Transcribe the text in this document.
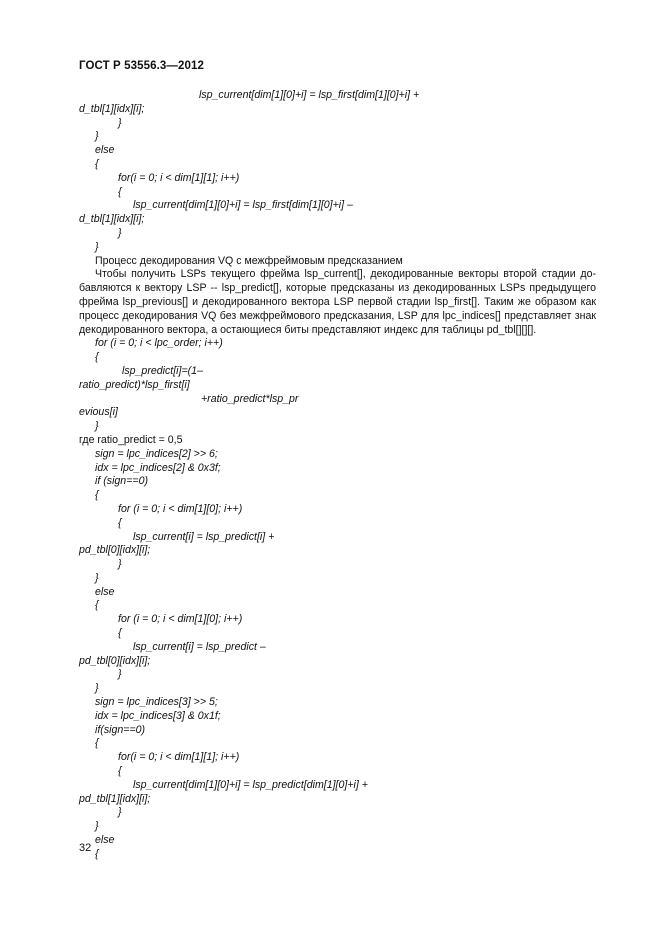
ГОСТ Р 53556.3—2012
lsp_current[dim[1][0]+i] = lsp_first[dim[1][0]+i] +
d_tbl[1][idx][i];
}
}
else
{
for(i = 0; i < dim[1][1]; i++)
{
lsp_current[dim[1][0]+i] = lsp_first[dim[1][0]+i] –
d_tbl[1][idx][i];
}
}
Процесс декодирования VQ с межфреймовым предсказанием
Чтобы получить LSPs текущего фрейма lsp_current[], декодированные векторы второй стадии до-
бавляются к вектору LSP -- lsp_predict[], которые предсказаны из декодированных LSPs предыдущего
фрейма lsp_previous[] и декодированного вектора LSP первой стадии lsp_first[]. Таким же образом как
процесс декодирования VQ без межфреймового предсказания, LSP для lpc_indices[] представляет знак
декодированного вектора, а остающиеся биты представляют индекс для таблицы pd_tbl[][][].
for (i = 0; i < lpc_order; i++)
{
lsp_predict[i]=(1–
ratio_predict)*lsp_first[i]
+ratio_predict*lsp_pr
evious[i]
}
где ratio_predict = 0,5
sign = lpc_indices[2] >> 6;
idx = lpc_indices[2] & 0x3f;
if (sign==0)
{
for (i = 0; i < dim[1][0]; i++)
{
lsp_current[i] = lsp_predict[i] +
pd_tbl[0][idx][i];
}
}
else
{
for (i = 0; i < dim[1][0]; i++)
{
lsp_current[i] = lsp_predict –
pd_tbl[0][idx][i];
}
}
sign = lpc_indices[3] >> 5;
idx = lpc_indices[3] & 0x1f;
if(sign==0)
{
for(i = 0; i < dim[1][1]; i++)
{
lsp_current[dim[1][0]+i] = lsp_predict[dim[1][0]+i] +
pd_tbl[1][idx][i];
}
}
else
{
32
